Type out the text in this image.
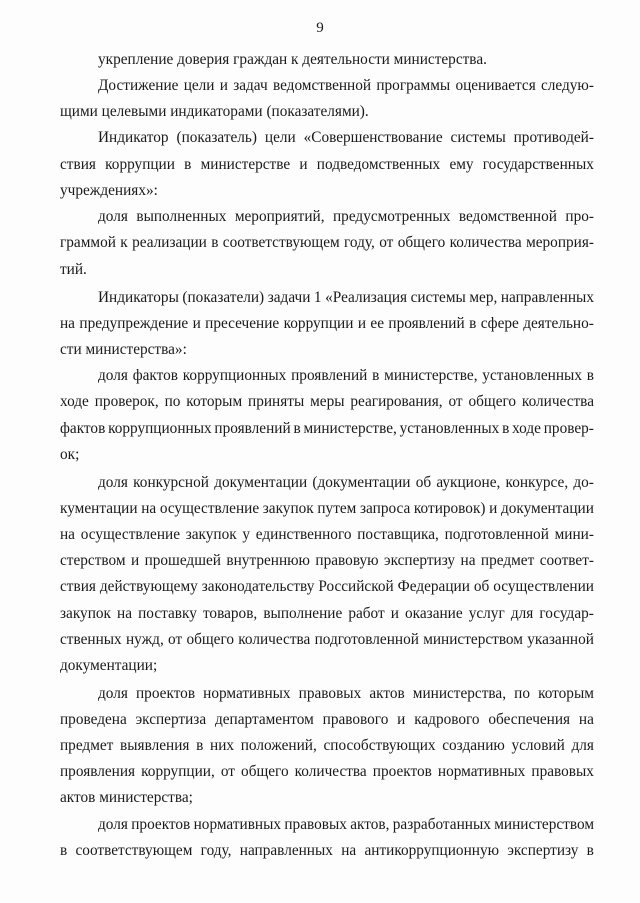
9
укрепление доверия граждан к деятельности министерства.
Достижение цели и задач ведомственной программы оценивается следую-
щими целевыми индикаторами (показателями).
Индикатор (показатель) цели «Совершенствование системы противодей-
ствия коррупции в министерстве и подведомственных ему государственных
учреждениях»:
доля выполненных мероприятий, предусмотренных ведомственной про-
граммой к реализации в соответствующем году, от общего количества мероприя-
тий.
Индикаторы (показатели) задачи 1 «Реализация системы мер, направленных
на предупреждение и пресечение коррупции и ее проявлений в сфере деятельно-
сти министерства»:
доля фактов коррупционных проявлений в министерстве, установленных в
ходе проверок, по которым приняты меры реагирования, от общего количества
фактов коррупционных проявлений в министерстве, установленных в ходе провер-
ок;
доля конкурсной документации (документации об аукционе, конкурсе, до-
кументации на осуществление закупок путем запроса котировок) и документации
на осуществление закупок у единственного поставщика, подготовленной мини-
стерством и прошедшей внутреннюю правовую экспертизу на предмет соответ-
ствия действующему законодательству Российской Федерации об осуществлении
закупок на поставку товаров, выполнение работ и оказание услуг для государ-
ственных нужд, от общего количества подготовленной министерством указанной
документации;
доля проектов нормативных правовых актов министерства, по которым
проведена экспертиза департаментом правового и кадрового обеспечения на
предмет выявления в них положений, способствующих созданию условий для
проявления коррупции, от общего количества проектов нормативных правовых
актов министерства;
доля проектов нормативных правовых актов, разработанных министерством
в соответствующем году, направленных на антикоррупционную экспертизу в
